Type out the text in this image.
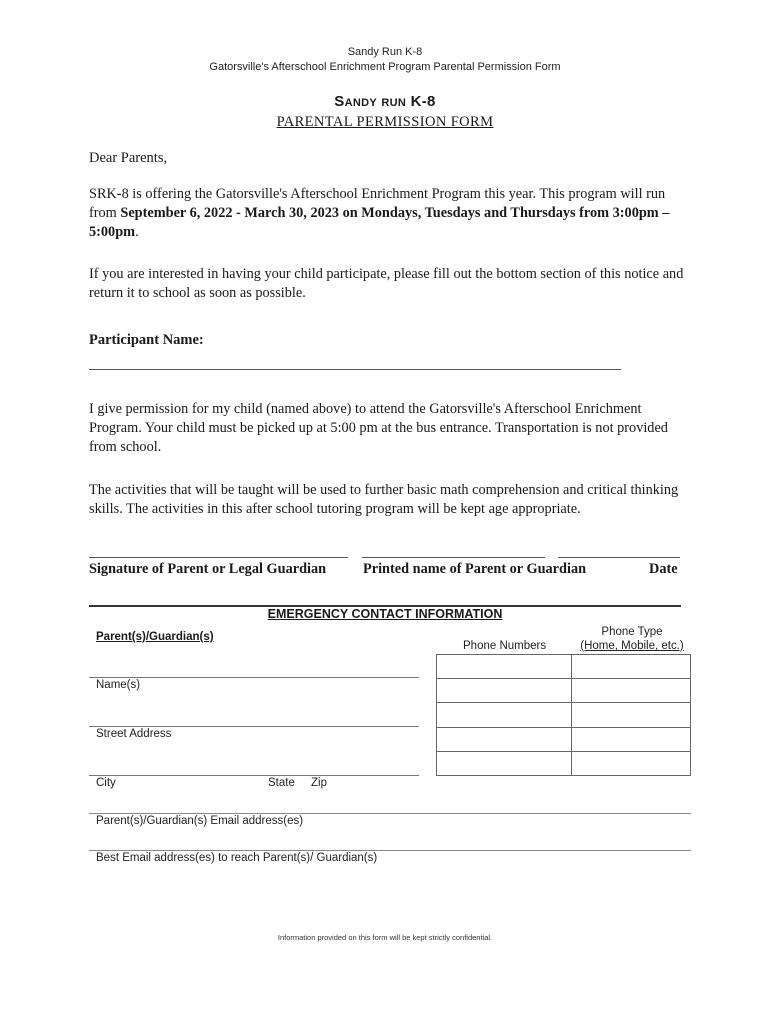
Sandy Run K-8
Gatorsville's Afterschool Enrichment Program Parental Permission Form
Sandy run K-8
PARENTAL PERMISSION FORM
Dear Parents,
SRK-8 is offering the Gatorsville's Afterschool Enrichment Program this year. This program will run from September 6, 2022 - March 30, 2023 on Mondays, Tuesdays and Thursdays from 3:00pm – 5:00pm.
If you are interested in having your child participate, please fill out the bottom section of this notice and return it to school as soon as possible.
Participant Name:
I give permission for my child (named above) to attend the Gatorsville's Afterschool Enrichment Program. Your child must be picked up at 5:00 pm at the bus entrance. Transportation is not provided from school.
The activities that will be taught will be used to further basic math comprehension and critical thinking skills. The activities in this after school tutoring program will be kept age appropriate.
Signature of Parent or Legal Guardian	Printed name of Parent or Guardian	Date
EMERGENCY CONTACT INFORMATION
Parent(s)/Guardian(s)
Phone Numbers
Phone Type
(Home, Mobile, etc.)
Name(s)
Street Address
City	State Zip
Parent(s)/Guardian(s) Email address(es)
Best Email address(es) to reach Parent(s)/ Guardian(s)
Information provided on this form will be kept strictly confidential.
